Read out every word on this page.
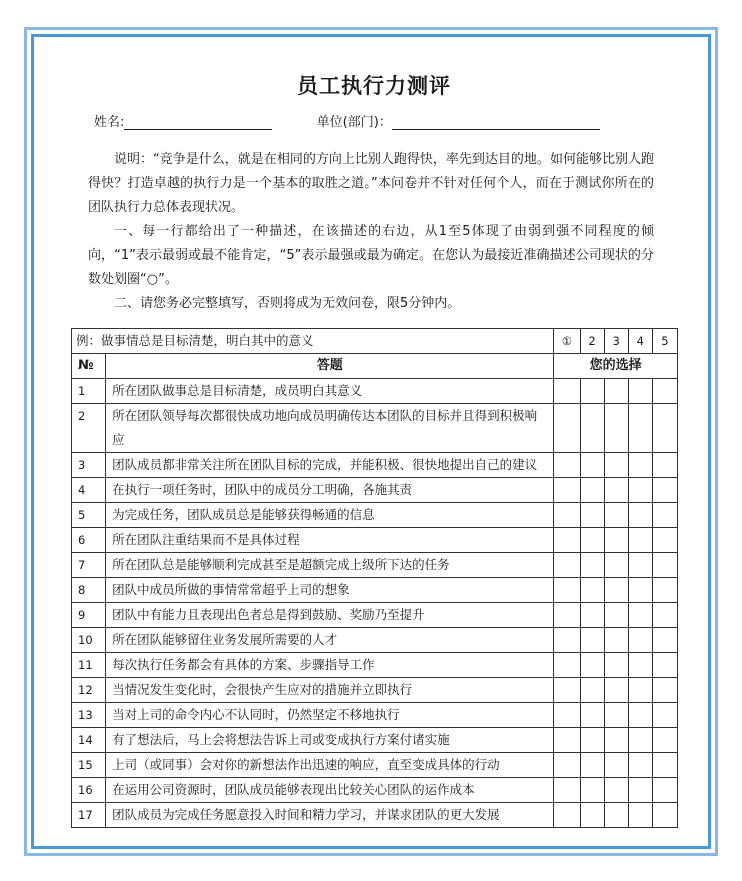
员工执行力测评
姓名:	单位(部门)：

说明：“竞争是什么，就是在相同的方向上比别人跑得快，率先到达目的地。如何能够比别人跑得快？打造卓越的执行力是一个基本的取胜之道。”本问卷并不针对任何个人，而在于测试你所在的团队执行力总体表现状况。

一、每一行都给出了一种描述，在该描述的右边，从1至5体现了由弱到强不同程度的倾向，“1”表示最弱或最不能肯定，“5”表示最强或最为确定。在您认为最接近准确描述公司现状的分数处划圈“○”。

二、请您务必完整填写，否则将成为无效问卷，限5分钟内。

例：做事情总是目标清楚，明白其中的意义		①	2	3	4	5
№	答题	您的选择				
1	所在团队做事总是目标清楚，成员明白其意义					
2	所在团队领导每次都很快成功地向成员明确传达本团队的目标并且得到积极响应					
3	团队成员都非常关注所在团队目标的完成，并能积极、很快地提出自己的建议					
4	在执行一项任务时，团队中的成员分工明确，各施其责					
5	为完成任务，团队成员总是能够获得畅通的信息					
6	所在团队注重结果而不是具体过程					
7	所在团队总是能够顺利完成甚至是超额完成上级所下达的任务					
8	团队中成员所做的事情常常超乎上司的想象					
9	团队中有能力且表现出色者总是得到鼓励、奖励乃至提升					
10	所在团队能够留住业务发展所需要的人才					
11	每次执行任务都会有具体的方案、步骤指导工作					
12	当情况发生变化时，会很快产生应对的措施并立即执行					
13	当对上司的命令内心不认同时，仍然坚定不移地执行					
14	有了想法后，马上会将想法告诉上司或变成执行方案付诸实施					
15	上司（或同事）会对你的新想法作出迅速的响应，直至变成具体的行动					
16	在运用公司资源时，团队成员能够表现出比较关心团队的运作成本					
17	团队成员为完成任务愿意投入时间和精力学习，并谋求团队的更大发展					
